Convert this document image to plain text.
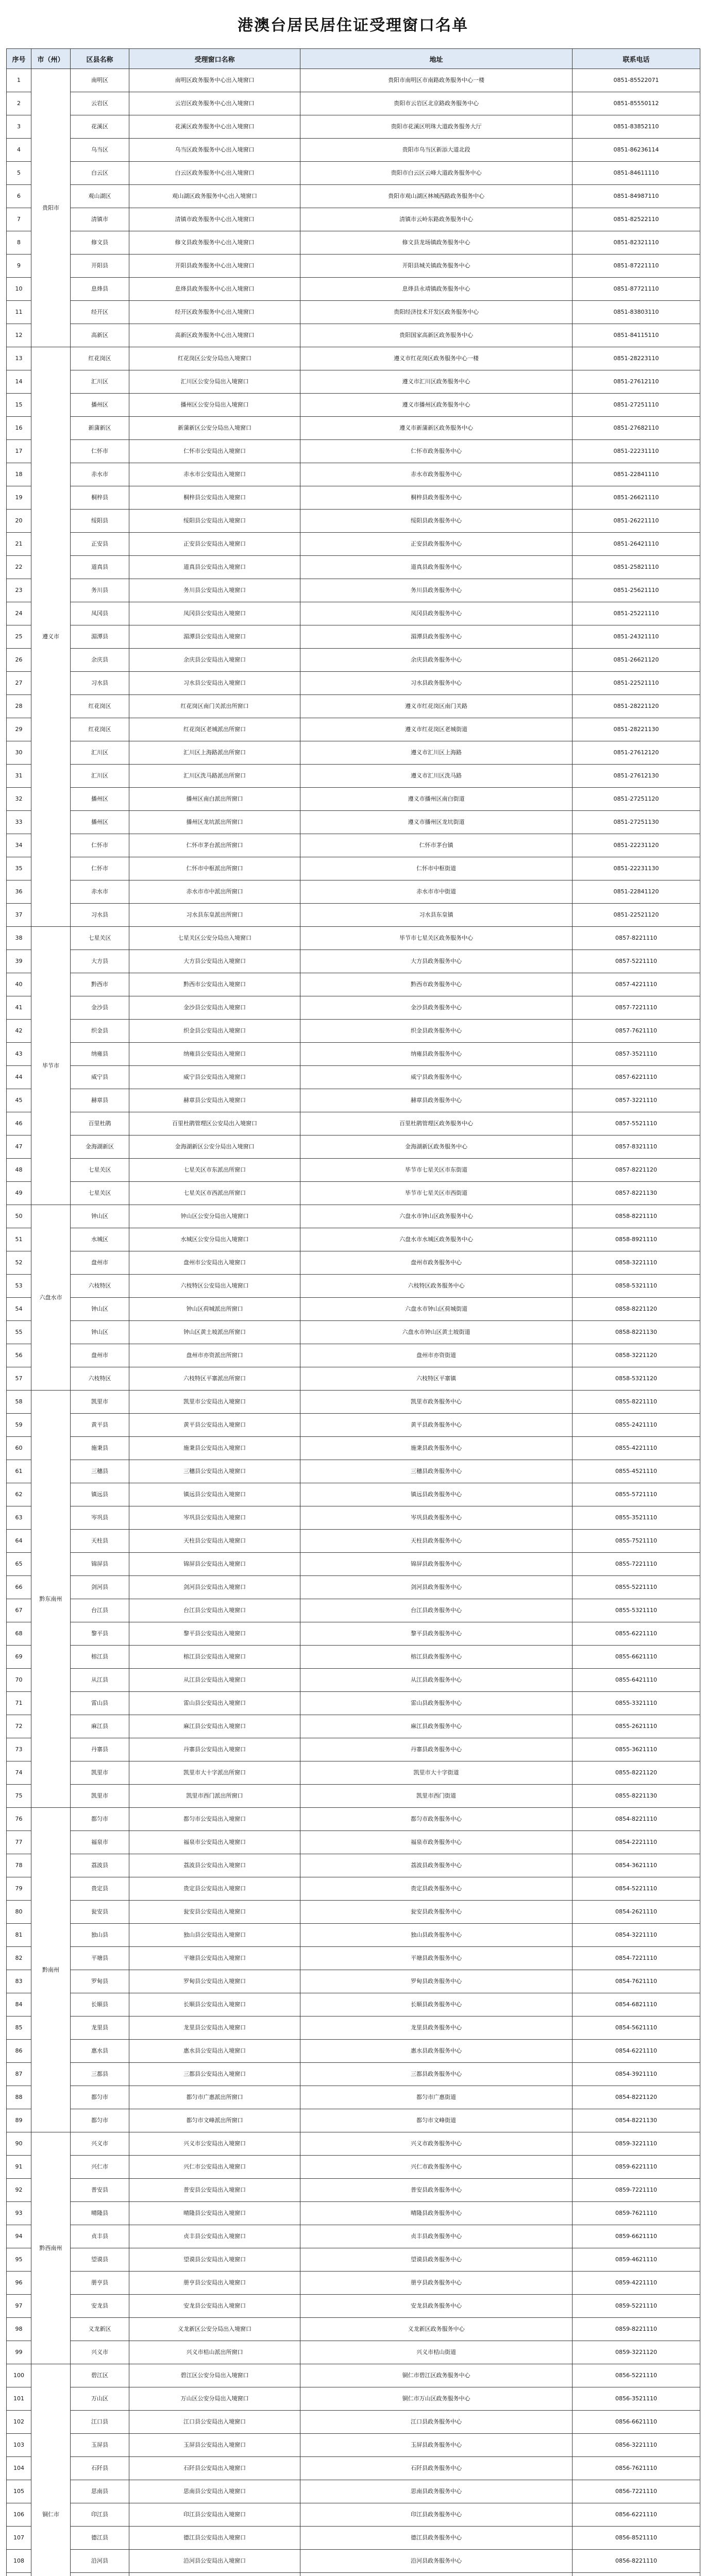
港澳台居民居住证受理窗口名单
序号	市（州）	区县名称	受理窗口名称	地址	联系电话
1	贵阳市	南明区	南明区政务服务中心出入境窗口	贵阳市南明区市南路政务服务中心一楼	0851-85522071
2		云岩区	云岩区政务服务中心出入境窗口	贵阳市云岩区北京路政务服务中心	0851-85550112
3		花溪区	花溪区政务服务中心出入境窗口	贵阳市花溪区明珠大道政务服务大厅	0851-83852110
4		乌当区	乌当区政务服务中心出入境窗口	贵阳市乌当区新添大道北段	0851-86236114
5		白云区	白云区政务服务中心出入境窗口	贵阳市白云区云峰大道政务服务中心	0851-84611110
6		观山湖区	观山湖区政务服务中心出入境窗口	贵阳市观山湖区林城西路政务服务中心	0851-84987110
7		清镇市	清镇市政务服务中心出入境窗口	清镇市云岭东路政务服务中心	0851-82522110
8		修文县	修文县政务服务中心出入境窗口	修文县龙场镇政务服务中心	0851-82321110
9		开阳县	开阳县政务服务中心出入境窗口	开阳县城关镇政务服务中心	0851-87221110
10		息烽县	息烽县政务服务中心出入境窗口	息烽县永靖镇政务服务中心	0851-87721110
11		经开区	经开区政务服务中心出入境窗口	贵阳经济技术开发区政务服务中心	0851-83803110
12		高新区	高新区政务服务中心出入境窗口	贵阳国家高新区政务服务中心	0851-84115110
13	遵义市	红花岗区	红花岗区公安分局出入境窗口	遵义市红花岗区政务服务中心一楼	0851-28223110
14		汇川区	汇川区公安分局出入境窗口	遵义市汇川区政务服务中心	0851-27612110
15		播州区	播州区公安分局出入境窗口	遵义市播州区政务服务中心	0851-27251110
16		新蒲新区	新蒲新区公安分局出入境窗口	遵义市新蒲新区政务服务中心	0851-27682110
17		仁怀市	仁怀市公安局出入境窗口	仁怀市政务服务中心	0851-22231110
18		赤水市	赤水市公安局出入境窗口	赤水市政务服务中心	0851-22841110
19		桐梓县	桐梓县公安局出入境窗口	桐梓县政务服务中心	0851-26621110
20		绥阳县	绥阳县公安局出入境窗口	绥阳县政务服务中心	0851-26221110
21		正安县	正安县公安局出入境窗口	正安县政务服务中心	0851-26421110
22		道真县	道真县公安局出入境窗口	道真县政务服务中心	0851-25821110
23		务川县	务川县公安局出入境窗口	务川县政务服务中心	0851-25621110
24		凤冈县	凤冈县公安局出入境窗口	凤冈县政务服务中心	0851-25221110
25		湄潭县	湄潭县公安局出入境窗口	湄潭县政务服务中心	0851-24321110
26		余庆县	余庆县公安局出入境窗口	余庆县政务服务中心	0851-26621120
27		习水县	习水县公安局出入境窗口	习水县政务服务中心	0851-22521110
28		红花岗区	红花岗区南门关派出所窗口	遵义市红花岗区南门关路	0851-28221120
29		红花岗区	红花岗区老城派出所窗口	遵义市红花岗区老城街道	0851-28221130
30		汇川区	汇川区上海路派出所窗口	遵义市汇川区上海路	0851-27612120
31		汇川区	汇川区洗马路派出所窗口	遵义市汇川区洗马路	0851-27612130
32		播州区	播州区南白派出所窗口	遵义市播州区南白街道	0851-27251120
33		播州区	播州区龙坑派出所窗口	遵义市播州区龙坑街道	0851-27251130
34		仁怀市	仁怀市茅台派出所窗口	仁怀市茅台镇	0851-22231120
35		仁怀市	仁怀市中枢派出所窗口	仁怀市中枢街道	0851-22231130
36		赤水市	赤水市市中派出所窗口	赤水市市中街道	0851-22841120
37		习水县	习水县东皇派出所窗口	习水县东皇镇	0851-22521120
38	毕节市	七星关区	七星关区公安分局出入境窗口	毕节市七星关区政务服务中心	0857-8221110
39		大方县	大方县公安局出入境窗口	大方县政务服务中心	0857-5221110
40		黔西市	黔西市公安局出入境窗口	黔西市政务服务中心	0857-4221110
41		金沙县	金沙县公安局出入境窗口	金沙县政务服务中心	0857-7221110
42		织金县	织金县公安局出入境窗口	织金县政务服务中心	0857-7621110
43		纳雍县	纳雍县公安局出入境窗口	纳雍县政务服务中心	0857-3521110
44		威宁县	威宁县公安局出入境窗口	威宁县政务服务中心	0857-6221110
45		赫章县	赫章县公安局出入境窗口	赫章县政务服务中心	0857-3221110
46		百里杜鹃	百里杜鹃管理区公安局出入境窗口	百里杜鹃管理区政务服务中心	0857-5521110
47		金海湖新区	金海湖新区公安分局出入境窗口	金海湖新区政务服务中心	0857-8321110
48		七星关区	七星关区市东派出所窗口	毕节市七星关区市东街道	0857-8221120
49		七星关区	七星关区市西派出所窗口	毕节市七星关区市西街道	0857-8221130
50	六盘水市	钟山区	钟山区公安分局出入境窗口	六盘水市钟山区政务服务中心	0858-8221110
51		水城区	水城区公安分局出入境窗口	六盘水市水城区政务服务中心	0858-8921110
52		盘州市	盘州市公安局出入境窗口	盘州市政务服务中心	0858-3221110
53		六枝特区	六枝特区公安局出入境窗口	六枝特区政务服务中心	0858-5321110
54		钟山区	钟山区荷城派出所窗口	六盘水市钟山区荷城街道	0858-8221120
55		钟山区	钟山区黄土坡派出所窗口	六盘水市钟山区黄土坡街道	0858-8221130
56		盘州市	盘州市亦资派出所窗口	盘州市亦资街道	0858-3221120
57		六枝特区	六枝特区平寨派出所窗口	六枝特区平寨镇	0858-5321120
58	黔东南州	凯里市	凯里市公安局出入境窗口	凯里市政务服务中心	0855-8221110
59		黄平县	黄平县公安局出入境窗口	黄平县政务服务中心	0855-2421110
60		施秉县	施秉县公安局出入境窗口	施秉县政务服务中心	0855-4221110
61		三穗县	三穗县公安局出入境窗口	三穗县政务服务中心	0855-4521110
62		镇远县	镇远县公安局出入境窗口	镇远县政务服务中心	0855-5721110
63		岑巩县	岑巩县公安局出入境窗口	岑巩县政务服务中心	0855-3521110
64		天柱县	天柱县公安局出入境窗口	天柱县政务服务中心	0855-7521110
65		锦屏县	锦屏县公安局出入境窗口	锦屏县政务服务中心	0855-7221110
66		剑河县	剑河县公安局出入境窗口	剑河县政务服务中心	0855-5221110
67		台江县	台江县公安局出入境窗口	台江县政务服务中心	0855-5321110
68		黎平县	黎平县公安局出入境窗口	黎平县政务服务中心	0855-6221110
69		榕江县	榕江县公安局出入境窗口	榕江县政务服务中心	0855-6621110
70		从江县	从江县公安局出入境窗口	从江县政务服务中心	0855-6421110
71		雷山县	雷山县公安局出入境窗口	雷山县政务服务中心	0855-3321110
72		麻江县	麻江县公安局出入境窗口	麻江县政务服务中心	0855-2621110
73		丹寨县	丹寨县公安局出入境窗口	丹寨县政务服务中心	0855-3621110
74		凯里市	凯里市大十字派出所窗口	凯里市大十字街道	0855-8221120
75		凯里市	凯里市西门派出所窗口	凯里市西门街道	0855-8221130
76	黔南州	都匀市	都匀市公安局出入境窗口	都匀市政务服务中心	0854-8221110
77		福泉市	福泉市公安局出入境窗口	福泉市政务服务中心	0854-2221110
78		荔波县	荔波县公安局出入境窗口	荔波县政务服务中心	0854-3621110
79		贵定县	贵定县公安局出入境窗口	贵定县政务服务中心	0854-5221110
80		瓮安县	瓮安县公安局出入境窗口	瓮安县政务服务中心	0854-2621110
81		独山县	独山县公安局出入境窗口	独山县政务服务中心	0854-3221110
82		平塘县	平塘县公安局出入境窗口	平塘县政务服务中心	0854-7221110
83		罗甸县	罗甸县公安局出入境窗口	罗甸县政务服务中心	0854-7621110
84		长顺县	长顺县公安局出入境窗口	长顺县政务服务中心	0854-6821110
85		龙里县	龙里县公安局出入境窗口	龙里县政务服务中心	0854-5621110
86		惠水县	惠水县公安局出入境窗口	惠水县政务服务中心	0854-6221110
87		三都县	三都县公安局出入境窗口	三都县政务服务中心	0854-3921110
88		都匀市	都匀市广惠派出所窗口	都匀市广惠街道	0854-8221120
89		都匀市	都匀市文峰派出所窗口	都匀市文峰街道	0854-8221130
90	黔西南州	兴义市	兴义市公安局出入境窗口	兴义市政务服务中心	0859-3221110
91		兴仁市	兴仁市公安局出入境窗口	兴仁市政务服务中心	0859-6221110
92		普安县	普安县公安局出入境窗口	普安县政务服务中心	0859-7221110
93		晴隆县	晴隆县公安局出入境窗口	晴隆县政务服务中心	0859-7621110
94		贞丰县	贞丰县公安局出入境窗口	贞丰县政务服务中心	0859-6621110
95		望谟县	望谟县公安局出入境窗口	望谟县政务服务中心	0859-4621110
96		册亨县	册亨县公安局出入境窗口	册亨县政务服务中心	0859-4221110
97		安龙县	安龙县公安局出入境窗口	安龙县政务服务中心	0859-5221110
98		义龙新区	义龙新区公安分局出入境窗口	义龙新区政务服务中心	0859-8221110
99		兴义市	兴义市桔山派出所窗口	兴义市桔山街道	0859-3221120
100	铜仁市	碧江区	碧江区公安分局出入境窗口	铜仁市碧江区政务服务中心	0856-5221110
101		万山区	万山区公安分局出入境窗口	铜仁市万山区政务服务中心	0856-3521110
102		江口县	江口县公安局出入境窗口	江口县政务服务中心	0856-6621110
103		玉屏县	玉屏县公安局出入境窗口	玉屏县政务服务中心	0856-3221110
104		石阡县	石阡县公安局出入境窗口	石阡县政务服务中心	0856-7621110
105		思南县	思南县公安局出入境窗口	思南县政务服务中心	0856-7221110
106		印江县	印江县公安局出入境窗口	印江县政务服务中心	0856-6221110
107		德江县	德江县公安局出入境窗口	德江县政务服务中心	0856-8521110
108		沿河县	沿河县公安局出入境窗口	沿河县政务服务中心	0856-8221110
